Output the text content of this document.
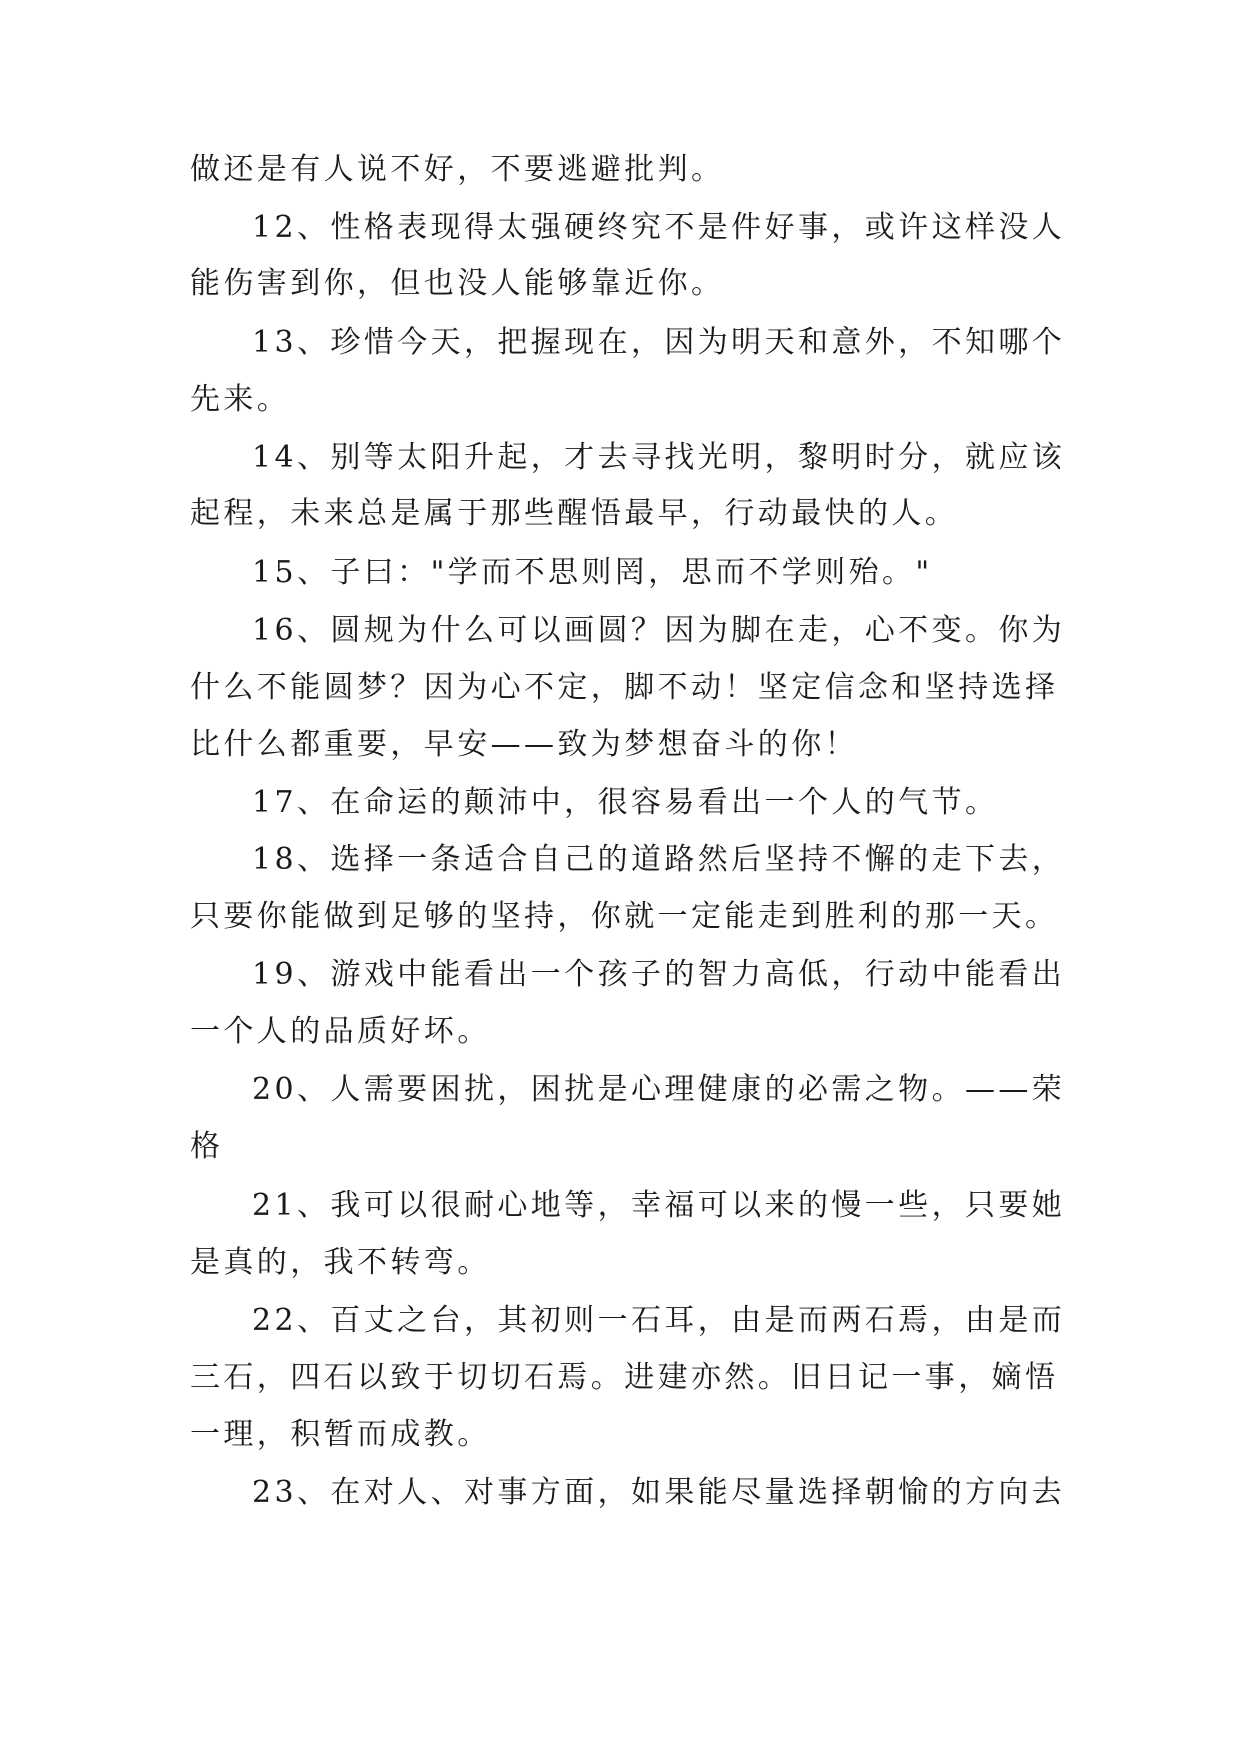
做还是有人说不好，不要逃避批判。
12、性格表现得太强硬终究不是件好事，或许这样没人
能伤害到你，但也没人能够靠近你。
13、珍惜今天，把握现在，因为明天和意外，不知哪个
先来。
14、别等太阳升起，才去寻找光明，黎明时分，就应该
起程，未来总是属于那些醒悟最早，行动最快的人。
15、子曰："学而不思则罔，思而不学则殆。"
16、圆规为什么可以画圆？因为脚在走，心不变。你为
什么不能圆梦？因为心不定，脚不动！坚定信念和坚持选择
比什么都重要，早安——致为梦想奋斗的你！
17、在命运的颠沛中，很容易看出一个人的气节。
18、选择一条适合自己的道路然后坚持不懈的走下去，
只要你能做到足够的坚持，你就一定能走到胜利的那一天。
19、游戏中能看出一个孩子的智力高低，行动中能看出
一个人的品质好坏。
20、人需要困扰，困扰是心理健康的必需之物。——荣
格
21、我可以很耐心地等，幸福可以来的慢一些，只要她
是真的，我不转弯。
22、百丈之台，其初则一石耳，由是而两石焉，由是而
三石，四石以致于切切石焉。进建亦然。旧日记一事，嫡悟
一理，积暂而成教。
23、在对人、对事方面，如果能尽量选择朝愉的方向去
